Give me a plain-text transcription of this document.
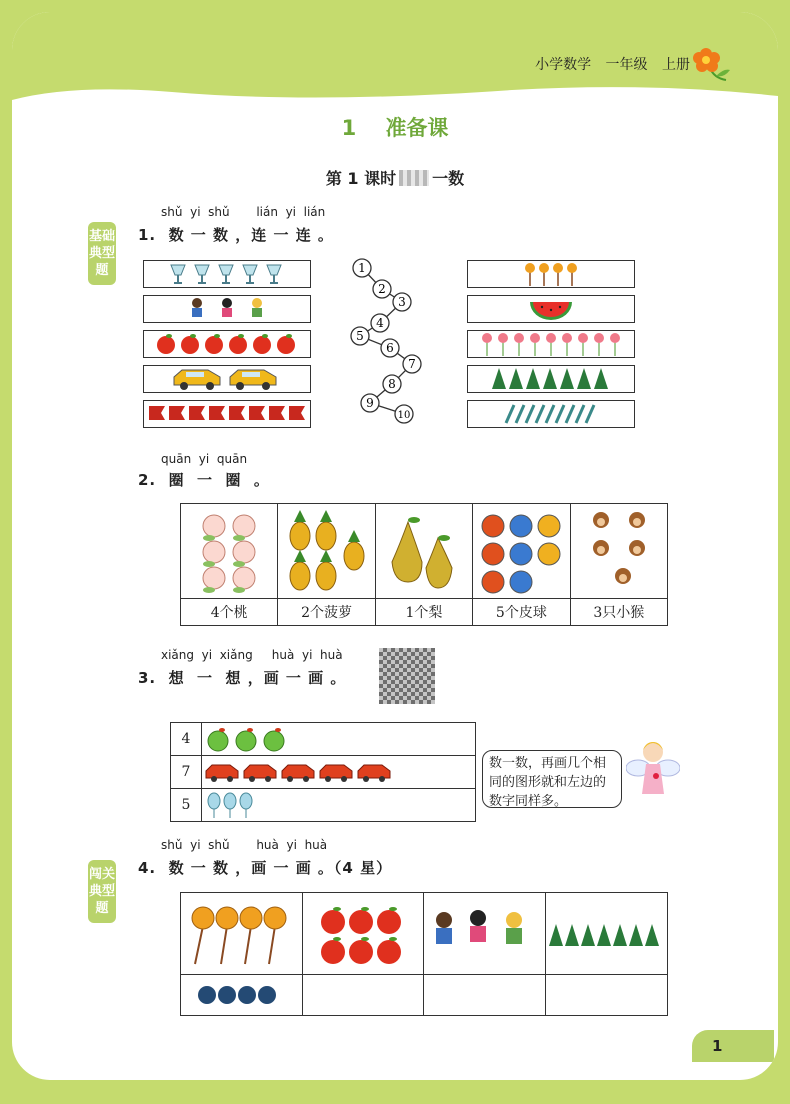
小学数学 一年级 上册
1 准备课
第 1 课时 一数
基础典型题
闯关典型题
shǔ  yi  shǔ       lián  yi  lián
1.  数 一 数 ，连 一 连 。
1
2
3
4
5
6
7
8
9
10
quān  yi  quān
2.  圈  一  圈  。

4个桃	2个菠萝	1个梨	5个皮球	3只小猴
xiǎng  yi  xiǎng     huà  yi  huà
3.  想  一  想 ，画 一 画 。
4	

7	

5	
数一数，再画几个相同的图形就和左边的数字同样多。
shǔ  yi  shǔ       huà  yi  huà
4.  数 一 数 ，画 一 画 。（4 星）

1
